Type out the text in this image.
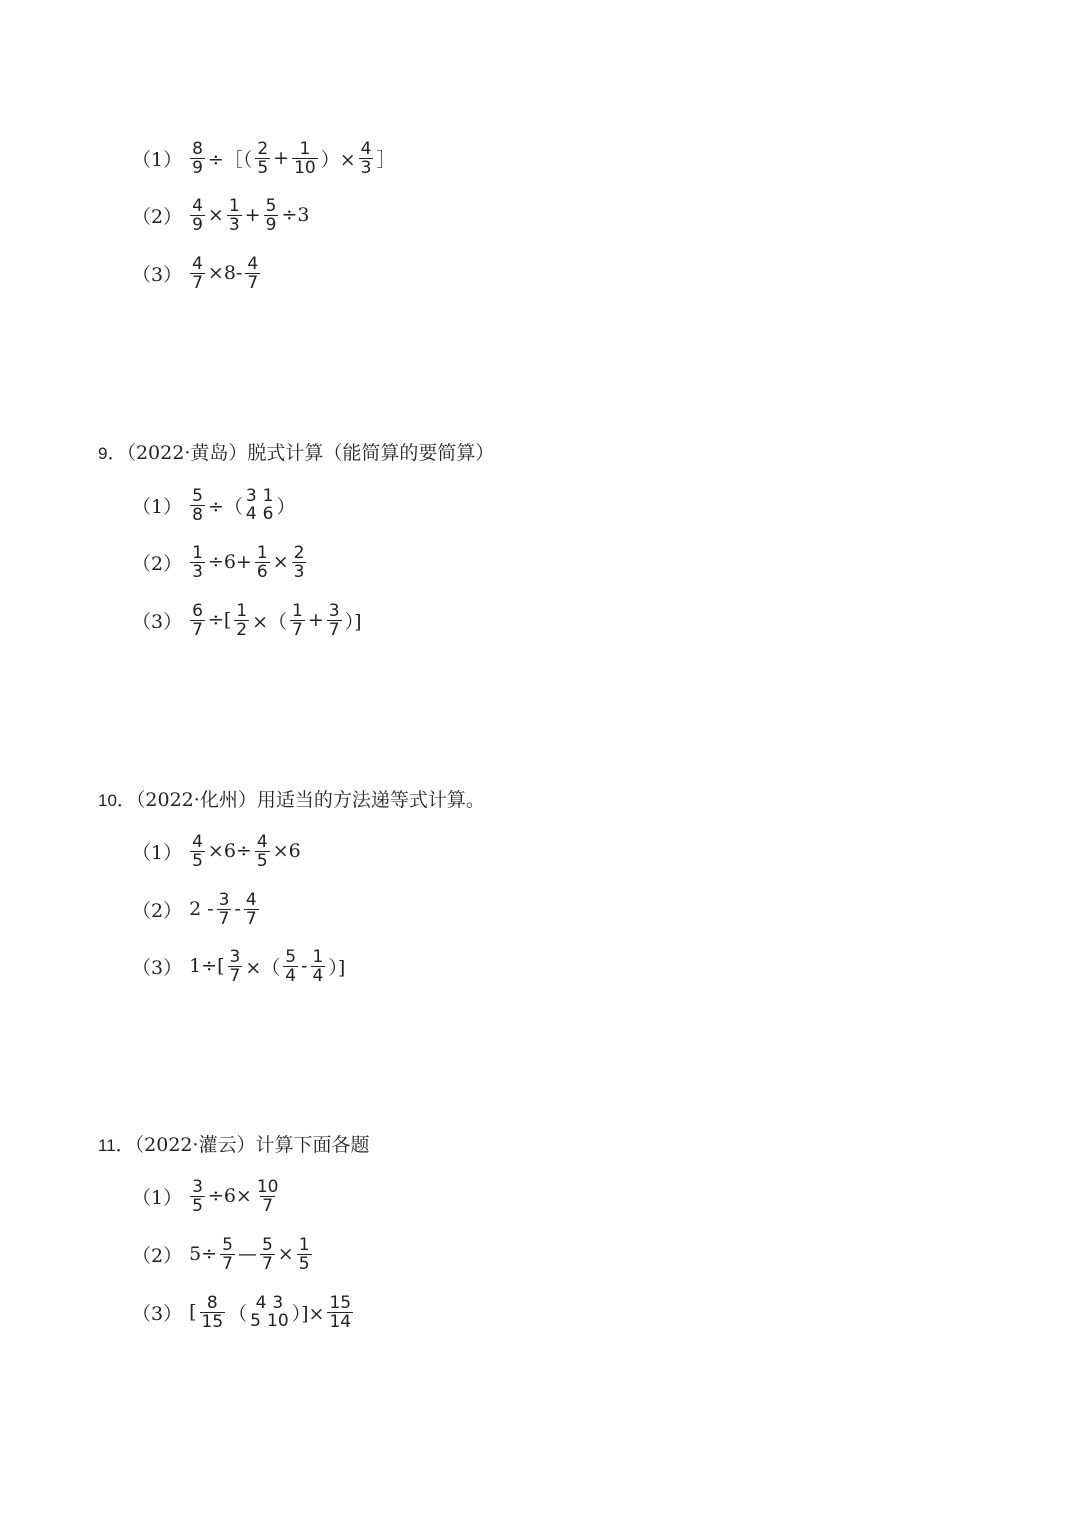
$(1) \frac{8}{9}$ ÷［（ $\frac{2}{5} + \frac{1}{10}$ ）× $\frac{4}{3}$ ］
$(2) \frac{4}{9} \times \frac{1}{3} + \frac{5}{9} \div 3$
$(3) \frac{4}{7} \times 8- \frac{4}{7}$
9．（2022·黄岛）脱式计算（能简算的要简算）
$(1) \frac{5}{8}$ ÷（ 3 1
4 6 ）
$(2) \frac{1}{3} \div 6+ \frac{1}{6} \times \frac{2}{3}$
$(3) \frac{6}{7}$ ÷[ $\frac{1}{2}$ ×（ $\frac{1}{7} + \frac{3}{7}$ ）]
10．（2022·化州）用适当的方法递等式计算。
$(1) \frac{4}{5} \times 6\div \frac{4}{5} \times 6$
（2） $2 - \frac{3}{7} - \frac{4}{7}$
（3） $1\div[ \frac{3}{7}$ ×（ $\frac{5}{4} - \frac{1}{4}$ ）]
11．（2022·灌云）计算下面各题
$(1) \frac{3}{5} \div 6\times \frac{10}{7}$
（2） $5\div \frac{5}{7}$ — $\frac{5}{7} \times \frac{1}{5}$
（3） [ $\frac{8}{15}$ （ 4 3
5 10 ）]× $\frac{15}{14}$
